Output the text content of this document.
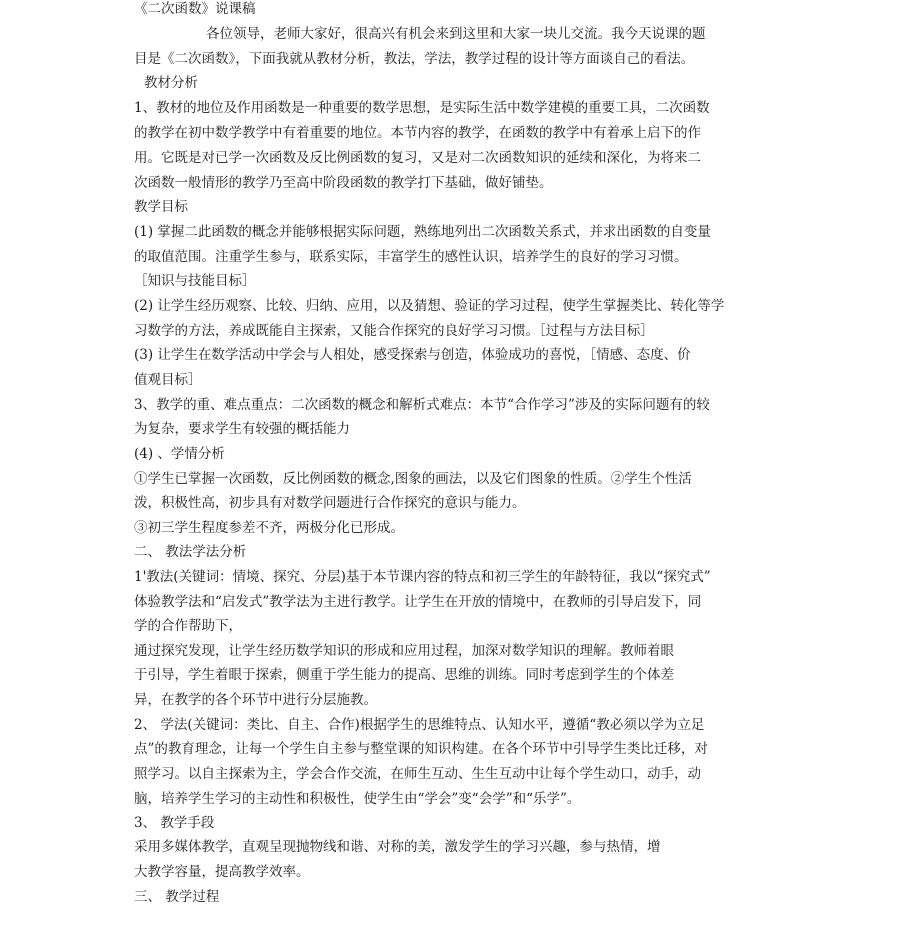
《二次函数》说课稿
各位领导，老师大家好，很高兴有机会来到这里和大家一块儿交流。我今天说课的题
目是《二次函数》，下面我就从教材分析，教法，学法，教学过程的设计等方面谈自己的看法。
教材分析
1、教材的地位及作用函数是一种重要的数学思想，是实际生活中数学建模的重要工具，二次函数
的教学在初中数学教学中有着重要的地位。本节内容的教学，在函数的教学中有着承上启下的作
用。它既是对已学一次函数及反比例函数的复习，又是对二次函数知识的延续和深化，为将来二
次函数一般情形的教学乃至高中阶段函数的教学打下基础，做好铺垫。
教学目标
(1) 掌握二此函数的概念并能够根据实际问题，熟练地列出二次函数关系式，并求出函数的自变量
的取值范围。注重学生参与，联系实际，丰富学生的感性认识，培养学生的良好的学习习惯。
［知识与技能目标］
(2) 让学生经历观察、比较、归纳、应用，以及猜想、验证的学习过程，使学生掌握类比、转化等学
习数学的方法，养成既能自主探索，又能合作探究的良好学习习惯。［过程与方法目标］
(3) 让学生在数学活动中学会与人相处，感受探索与创造，体验成功的喜悦，［情感、态度、价
值观目标］
3、教学的重、难点重点：二次函数的概念和解析式难点：本节“合作学习”涉及的实际问题有的较
为复杂，要求学生有较强的概括能力
(4) 、学情分析
①学生已掌握一次函数，反比例函数的概念,图象的画法，以及它们图象的性质。②学生个性活
泼，积极性高，初步具有对数学问题进行合作探究的意识与能力。
③初三学生程度参差不齐，两极分化已形成。
二、 教法学法分析
1'教法(关键词：情境、探究、分层)基于本节课内容的特点和初三学生的年龄特征，我以“探究式”
体验教学法和“启发式”教学法为主进行教学。让学生在开放的情境中，在教师的引导启发下，同
学的合作帮助下，
通过探究发现，让学生经历数学知识的形成和应用过程，加深对数学知识的理解。教师着眼
于引导，学生着眼于探索，侧重于学生能力的提高、思维的训练。同时考虑到学生的个体差
异，在教学的各个环节中进行分层施教。
2、 学法(关键词：类比、自主、合作)根据学生的思维特点、认知水平，遵循“教必须以学为立足
点”的教育理念，让每一个学生自主参与整堂课的知识构建。在各个环节中引导学生类比迁移，对
照学习。以自主探索为主，学会合作交流，在师生互动、生生互动中让每个学生动口，动手，动
脑，培养学生学习的主动性和积极性，使学生由“学会”变“会学”和“乐学”。
3、 教学手段
采用多媒体教学，直观呈现抛物线和谐、对称的美，激发学生的学习兴趣，参与热情，增
大教学容量，提高教学效率。
三、 教学过程
